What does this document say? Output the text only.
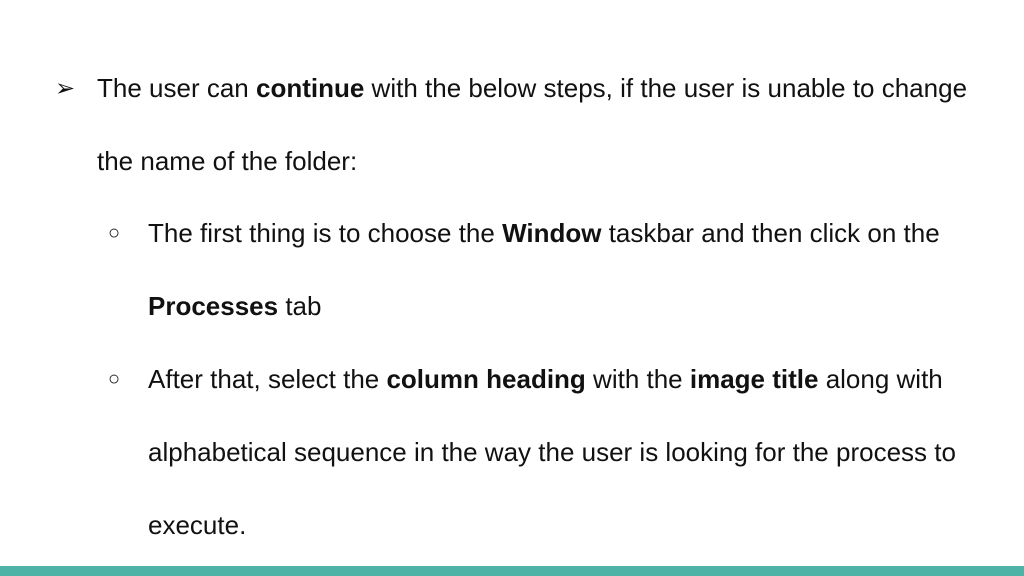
➢ The user can continue with the below steps, if the user is unable to change the name of the folder:
○ The first thing is to choose the Window taskbar and then click on the Processes tab
○ After that, select the column heading with the image title along with alphabetical sequence in the way the user is looking for the process to execute.
